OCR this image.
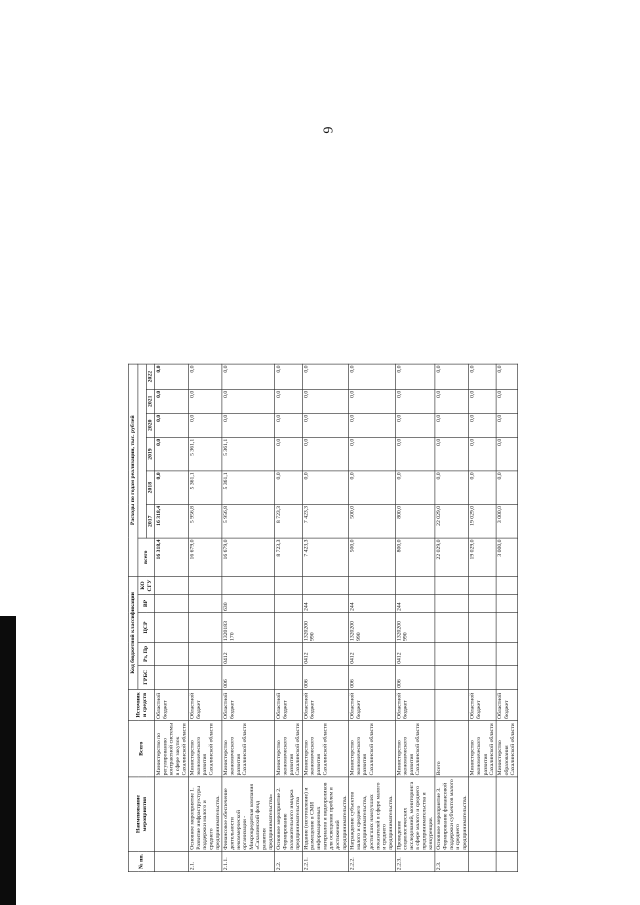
6
№ пп.	Наименование мероприятия	Всего	Источники средств	Код бюджетной классификации					Расходы по годам реализации, тыс. рублей						
				ГРБС	Рз, Пр	ЦСР	ВР	КО СГУ	всего						
										2017	2018	2019	2020	2021	2022
		Министерство по регулированию контрактной системы в сфере закупок Сахалинской области	Областной бюджет						16 318,4	16 318,4	0,0	0,0	0,0	0,0	0,0
2.1.	Основное мероприятие 1. Развитие инфраструктуры поддержки малого и среднего предпринимательства.	Министерство экономического развития Сахалинской области	Областной бюджет						16 679,0	5 956,8	5 361,1	5 361,1	0,0	0,0	0,0
2.1.1.	Финансовое обеспечение деятельности некоммерческой организации - Микрокредитная компания «Сахалинский фонд развития предпринимательства»	Министерство экономического развития Сахалинской области	Областной бюджет	006	0412	1320183 170	630		16 679,0	5 956,8	5 361,1	5 361,1	0,0	0,0	0,0
2.2.	Основное мероприятие 2. Формирование положительного имиджа предпринимательства	Министерство экономического развития Сахалинской области	Областной бюджет						8 723,3	8 723,3	0,0	0,0	0,0	0,0	0,0
2.2.1.	Издание (изготовление) и размещение в СМИ информационных материалов и видеороликов для освещения проблем и достижений предпринимательства.	Министерство экономического развития Сахалинской области	Областной бюджет	006	0412	1320200 990	244		7 423,3	7 423,3	0,0	0,0	0,0	0,0	0,0
2.2.2.	Награждение субъектов малого и среднего предпринимательства, достигших наилучших показателей в сфере малого и среднего предпринимательства.	Министерство экономического развития Сахалинской области	Областной бюджет	006	0412	1320200 990	244		500,0	500,0	0,0	0,0	0,0	0,0	0,0
2.2.3.	Проведение социологических исследований, мониторинга в сфере малого и среднего предпринимательства и конкуренции.	Министерство экономического развития Сахалинской области	Областной бюджет	006	0412	1320200 990	244		800,0	800,0	0,0	0,0	0,0	0,0	0,0
2.3.	Основное мероприятие 3. Формирование финансовой поддержки субъектов малого и среднего предпринимательства.	Всего							22 029,0	22 029,0	0,0	0,0	0,0	0,0	0,0
		Министерство экономического развития Сахалинской области	Областной бюджет						19 029,0	19 029,0	0,0	0,0	0,0	0,0	0,0
		Министерство образования Сахалинской области	Областной бюджет						3 000,0	3 000,0	0,0	0,0	0,0	0,0	0,0
